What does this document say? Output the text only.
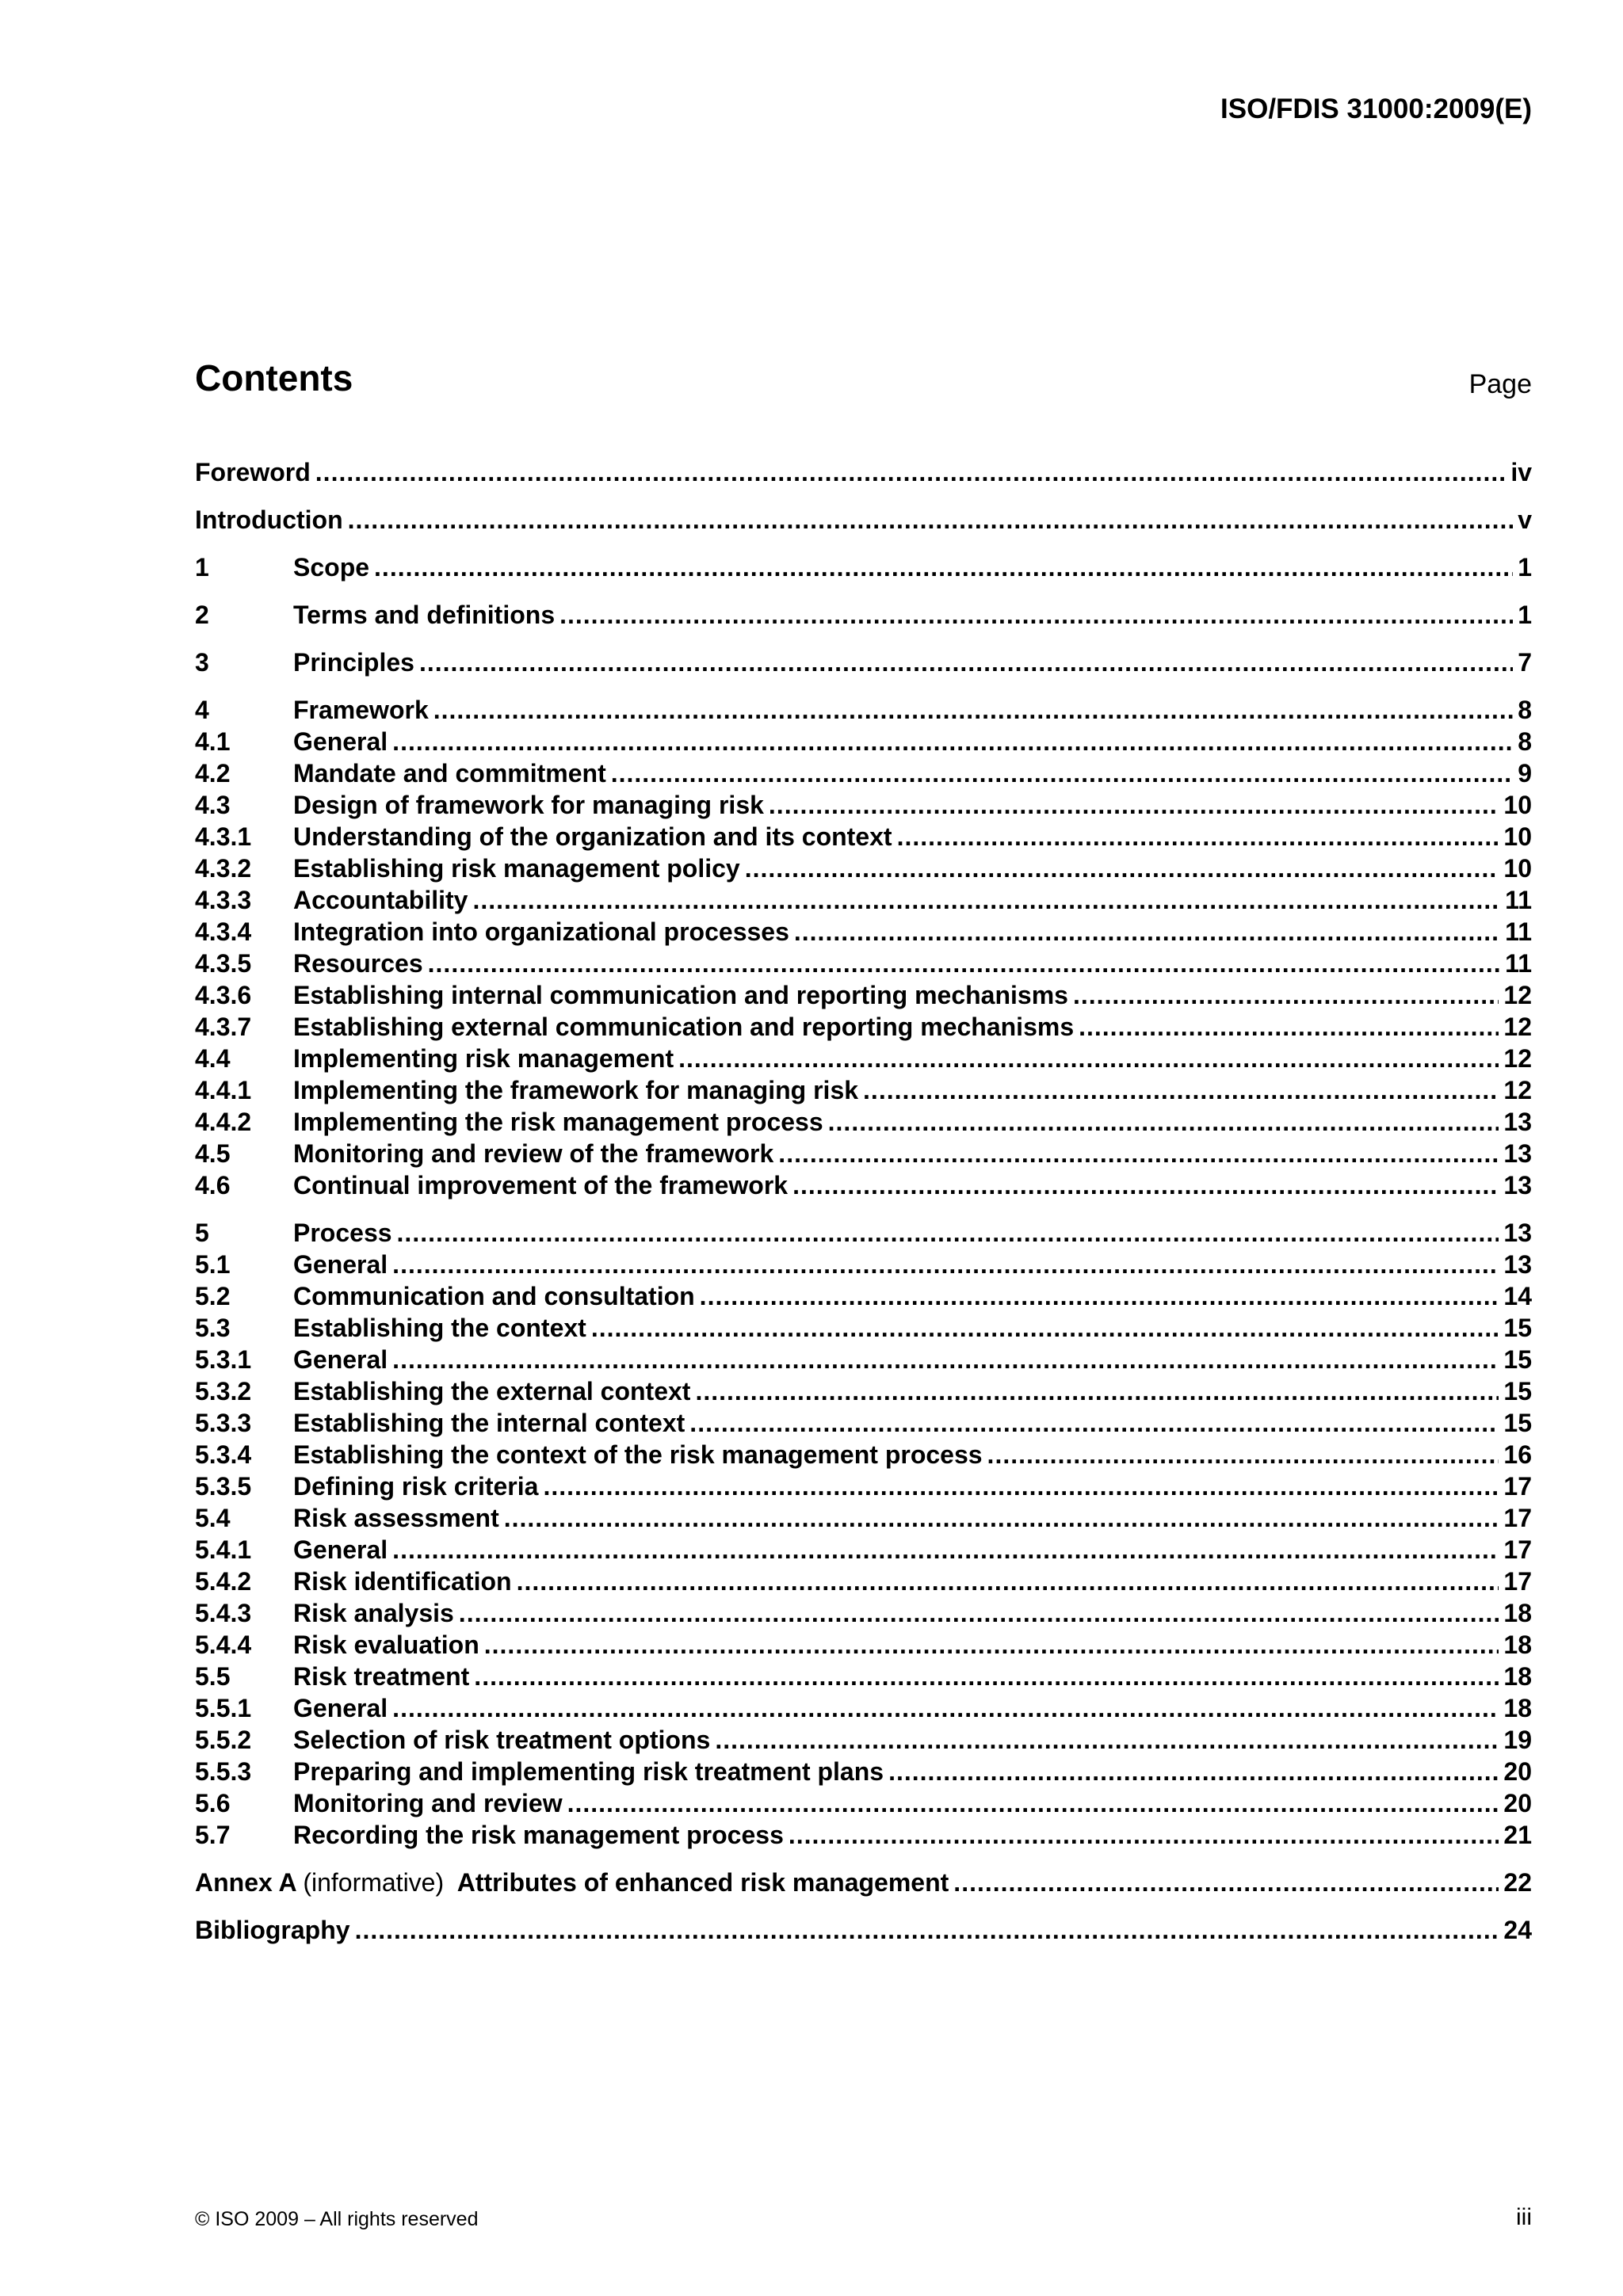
ISO/FDIS 31000:2009(E)

Contents	Page

Foreword .....	iv
Introduction .....	v
1	Scope .....	1
2	Terms and definitions .....	1
3	Principles .....	7
4	Framework .....	8
4.1	General .....	8
4.2	Mandate and commitment .....	9
4.3	Design of framework for managing risk .....	10
4.3.1	Understanding of the organization and its context .....	10
4.3.2	Establishing risk management policy .....	10
4.3.3	Accountability .....	11
4.3.4	Integration into organizational processes .....	11
4.3.5	Resources .....	11
4.3.6	Establishing internal communication and reporting mechanisms .....	12
4.3.7	Establishing external communication and reporting mechanisms .....	12
4.4	Implementing risk management .....	12
4.4.1	Implementing the framework for managing risk .....	12
4.4.2	Implementing the risk management process .....	13
4.5	Monitoring and review of the framework .....	13
4.6	Continual improvement of the framework .....	13
5	Process .....	13
5.1	General .....	13
5.2	Communication and consultation .....	14
5.3	Establishing the context .....	15
5.3.1	General .....	15
5.3.2	Establishing the external context .....	15
5.3.3	Establishing the internal context .....	15
5.3.4	Establishing the context of the risk management process .....	16
5.3.5	Defining risk criteria .....	17
5.4	Risk assessment .....	17
5.4.1	General .....	17
5.4.2	Risk identification .....	17
5.4.3	Risk analysis .....	18
5.4.4	Risk evaluation .....	18
5.5	Risk treatment .....	18
5.5.1	General .....	18
5.5.2	Selection of risk treatment options .....	19
5.5.3	Preparing and implementing risk treatment plans .....	20
5.6	Monitoring and review .....	20
5.7	Recording the risk management process .....	21
Annex A (informative) Attributes of enhanced risk management .....	22
Bibliography .....	24

© ISO 2009 – All rights reserved	iii
